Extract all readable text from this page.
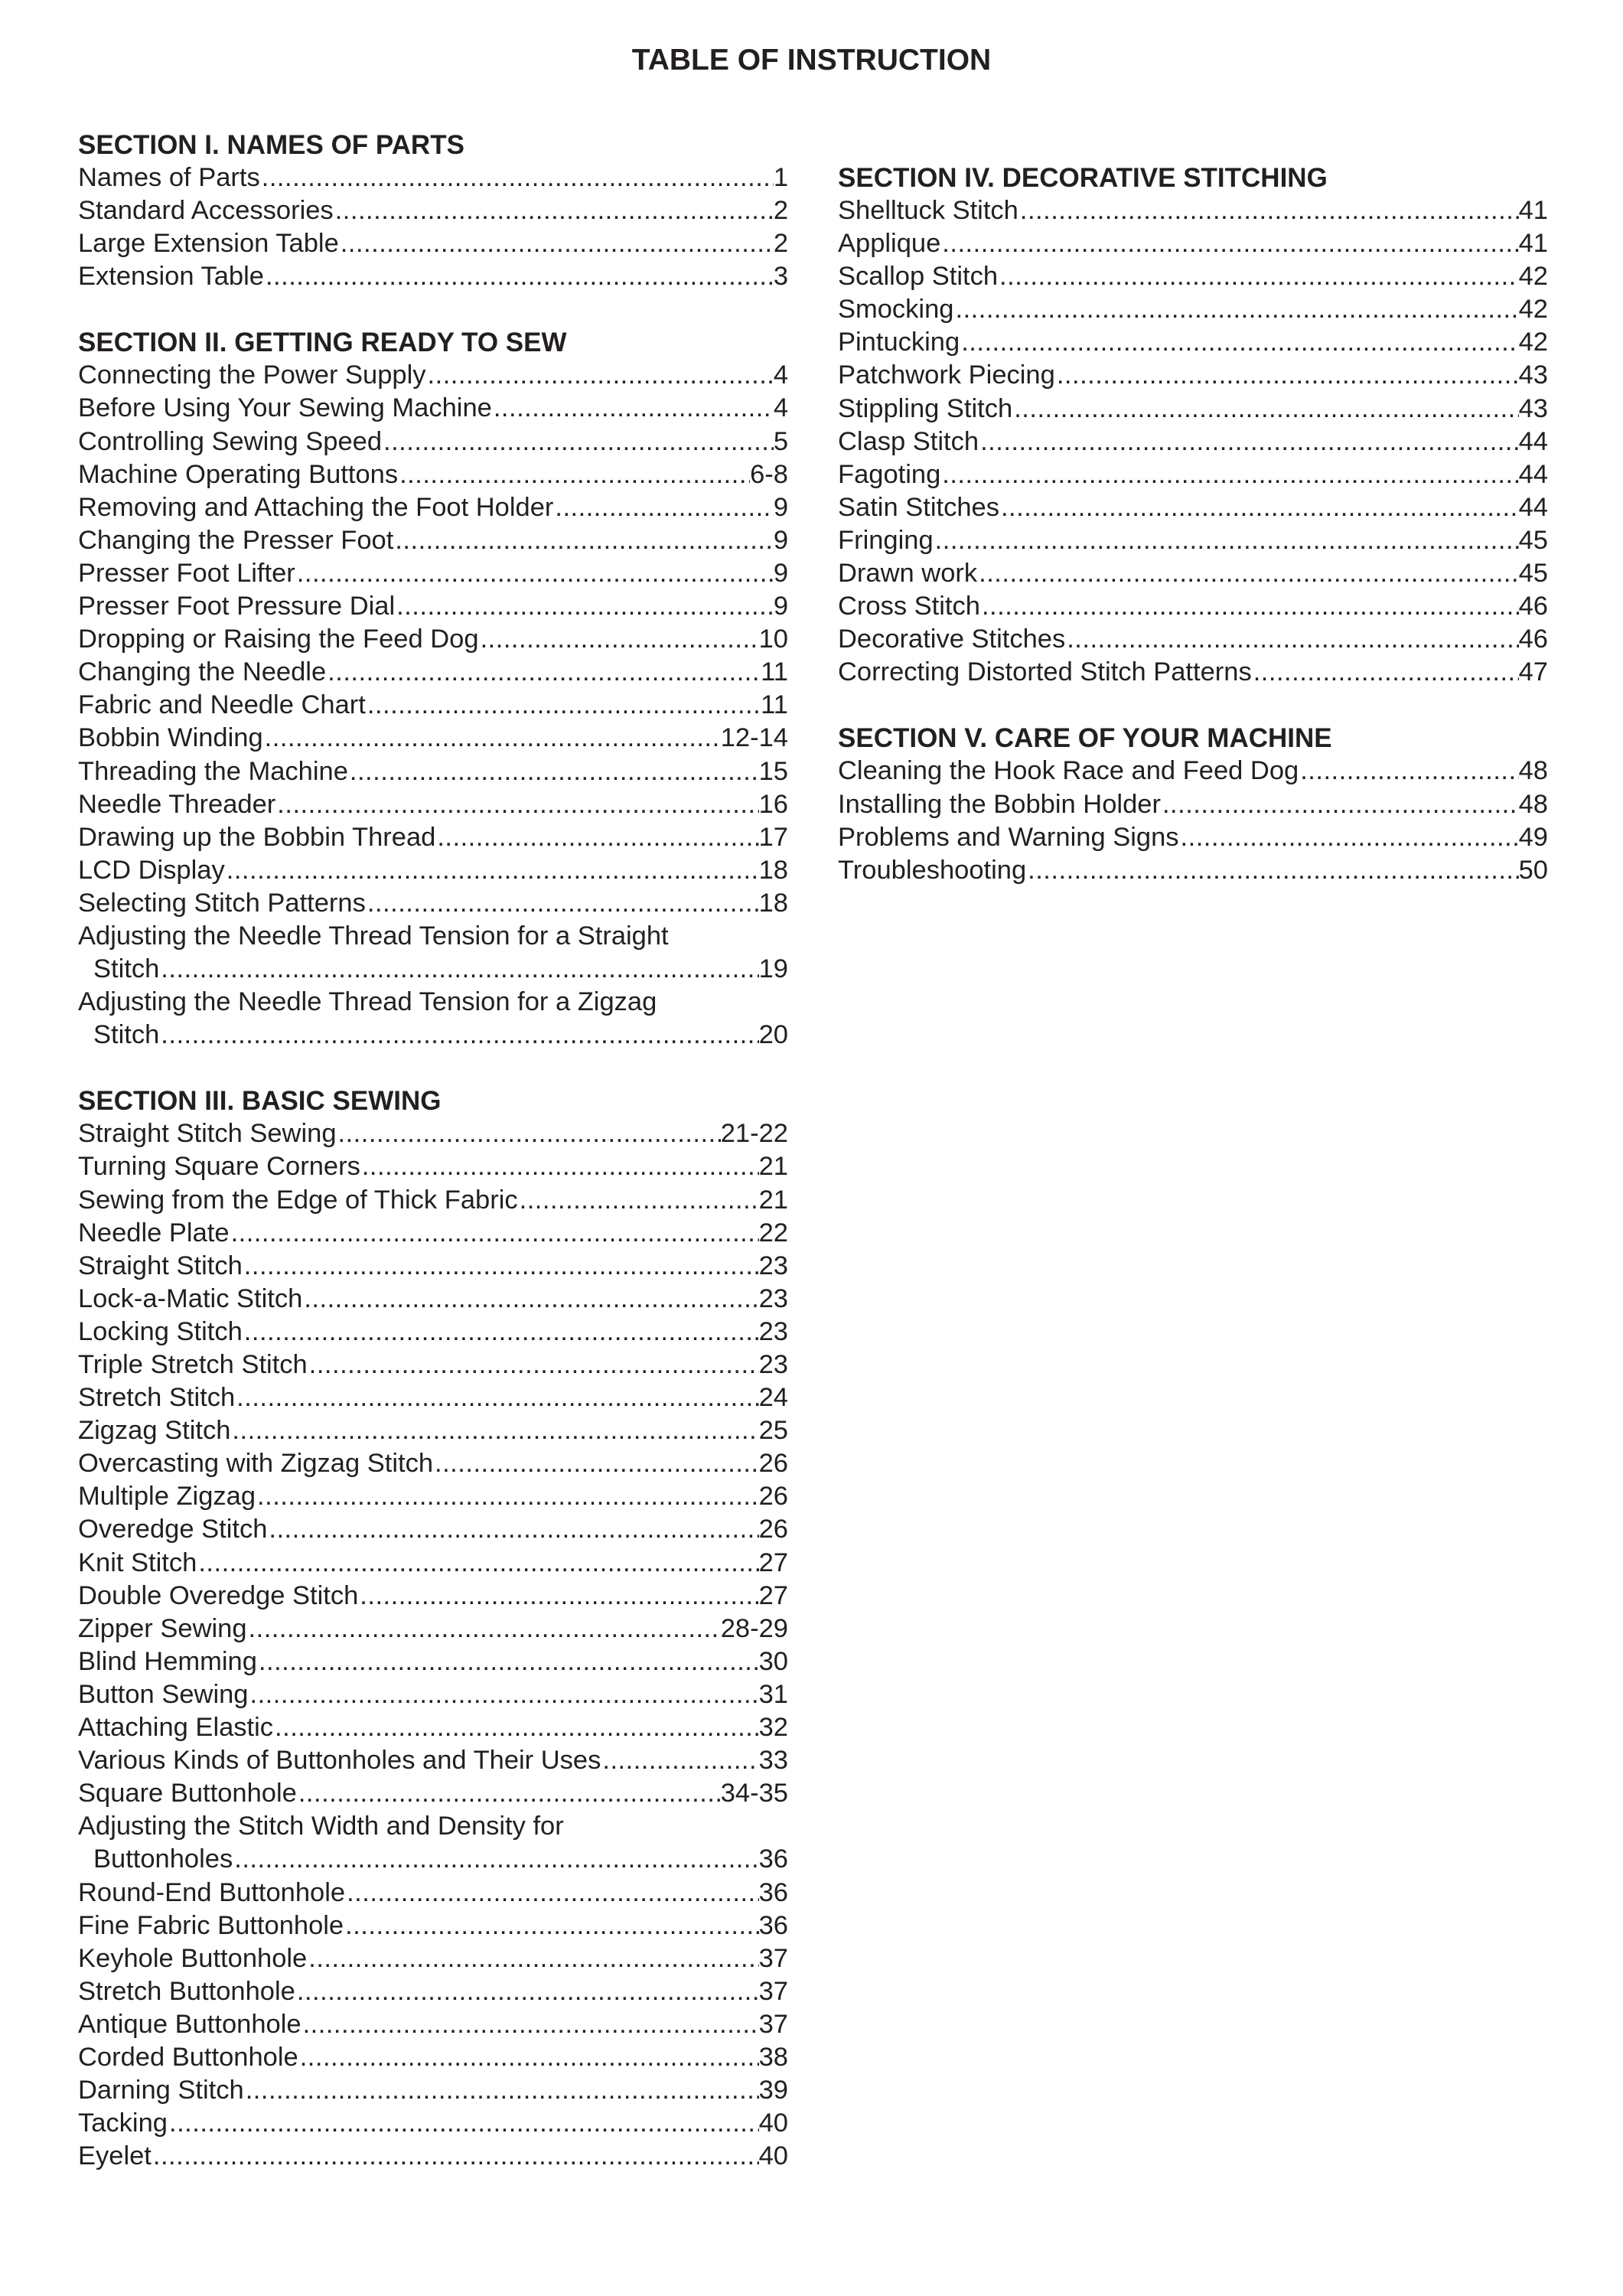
TABLE OF INSTRUCTION
SECTION I. NAMES OF PARTS
Names of Parts .....	1
Standard Accessories .....	2
Large Extension Table .....	2
Extension Table .....	3
SECTION II. GETTING READY TO SEW
Connecting the Power Supply .....	4
Before Using Your Sewing Machine .....	4
Controlling Sewing Speed .....	5
Machine Operating Buttons .....	6-8
Removing and Attaching the Foot Holder .....	9
Changing the Presser Foot .....	9
Presser Foot Lifter .....	9
Presser Foot Pressure Dial .....	9
Dropping or Raising the Feed Dog .....	10
Changing the Needle .....	11
Fabric and Needle Chart .....	11
Bobbin Winding .....	12-14
Threading the Machine .....	15
Needle Threader .....	16
Drawing up the Bobbin Thread .....	17
LCD Display .....	18
Selecting Stitch Patterns .....	18
Adjusting the Needle Thread Tension for a Straight
Stitch .....	19
Adjusting the Needle Thread Tension for a Zigzag
Stitch .....	20
SECTION III. BASIC SEWING
Straight Stitch Sewing .....	21-22
Turning Square Corners .....	21
Sewing from the Edge of Thick Fabric .....	21
Needle Plate .....	22
Straight Stitch .....	23
Lock-a-Matic Stitch .....	23
Locking Stitch .....	23
Triple Stretch Stitch .....	23
Stretch Stitch .....	24
Zigzag Stitch .....	25
Overcasting with Zigzag Stitch .....	26
Multiple Zigzag .....	26
Overedge Stitch .....	26
Knit Stitch .....	27
Double Overedge Stitch .....	27
Zipper Sewing .....	28-29
Blind Hemming .....	30
Button Sewing .....	31
Attaching Elastic .....	32
Various Kinds of Buttonholes and Their Uses .....	33
Square Buttonhole .....	34-35
Adjusting the Stitch Width and Density for
Buttonholes .....	36
Round-End Buttonhole .....	36
Fine Fabric Buttonhole .....	36
Keyhole Buttonhole .....	37
Stretch Buttonhole .....	37
Antique Buttonhole .....	37
Corded Buttonhole .....	38
Darning Stitch .....	39
Tacking .....	40
Eyelet .....	40
SECTION IV. DECORATIVE STITCHING
Shelltuck Stitch .....	41
Applique .....	41
Scallop Stitch .....	42
Smocking .....	42
Pintucking .....	42
Patchwork Piecing .....	43
Stippling Stitch .....	43
Clasp Stitch .....	44
Fagoting .....	44
Satin Stitches .....	44
Fringing .....	45
Drawn work .....	45
Cross Stitch .....	46
Decorative Stitches .....	46
Correcting Distorted Stitch Patterns .....	47
SECTION V. CARE OF YOUR MACHINE
Cleaning the Hook Race and Feed Dog .....	48
Installing the Bobbin Holder .....	48
Problems and Warning Signs .....	49
Troubleshooting .....	50
